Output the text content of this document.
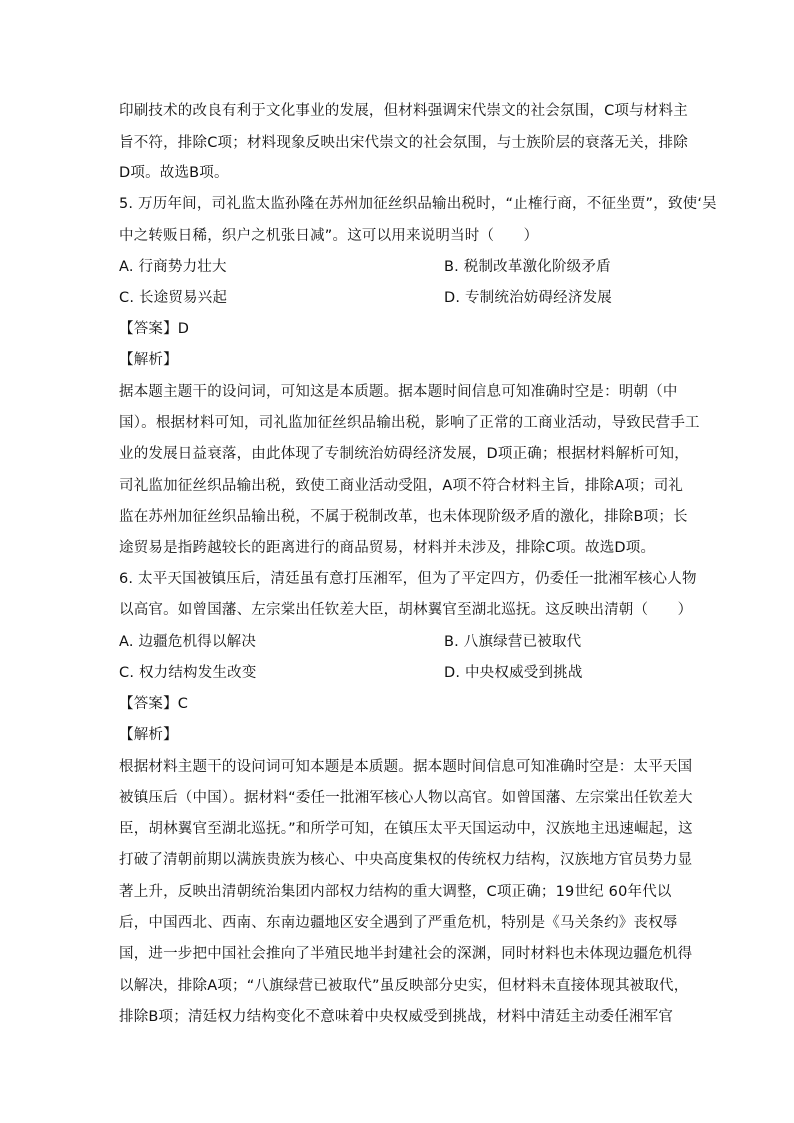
印刷技术的改良有利于文化事业的发展，但材料强调宋代崇文的社会氛围，C项与材料主
旨不符，排除C项；材料现象反映出宋代崇文的社会氛围，与士族阶层的衰落无关，排除
D项。故选B项。
5. 万历年间，司礼监太监孙隆在苏州加征丝织品输出税时，“止榷行商，不征坐贾”，致使‘吴
中之转贩日稀，织户之机张日减”。这可以用来说明当时（　　）
A. 行商势力壮大	B. 税制改革激化阶级矛盾
C. 长途贸易兴起	D. 专制统治妨碍经济发展
【答案】D
【解析】
据本题主题干的设问词，可知这是本质题。据本题时间信息可知准确时空是：明朝（中
国）。根据材料可知，司礼监加征丝织品输出税，影响了正常的工商业活动，导致民营手工
业的发展日益衰落，由此体现了专制统治妨碍经济发展，D项正确；根据材料解析可知，
司礼监加征丝织品输出税，致使工商业活动受阻，A项不符合材料主旨，排除A项；司礼
监在苏州加征丝织品输出税，不属于税制改革，也未体现阶级矛盾的激化，排除B项；长
途贸易是指跨越较长的距离进行的商品贸易，材料并未涉及，排除C项。故选D项。
6. 太平天国被镇压后，清廷虽有意打压湘军，但为了平定四方，仍委任一批湘军核心人物
以高官。如曾国藩、左宗棠出任钦差大臣，胡林翼官至湖北巡抚。这反映出清朝（　　）
A. 边疆危机得以解决	B. 八旗绿营已被取代
C. 权力结构发生改变	D. 中央权威受到挑战
【答案】C
【解析】
根据材料主题干的设问词可知本题是本质题。据本题时间信息可知准确时空是：太平天国
被镇压后（中国）。据材料“委任一批湘军核心人物以高官。如曾国藩、左宗棠出任钦差大
臣，胡林翼官至湖北巡抚。”和所学可知，在镇压太平天国运动中，汉族地主迅速崛起，这
打破了清朝前期以满族贵族为核心、中央高度集权的传统权力结构，汉族地方官员势力显
著上升，反映出清朝统治集团内部权力结构的重大调整，C项正确；19世纪 60年代以
后，中国西北、西南、东南边疆地区安全遇到了严重危机，特别是《马关条约》丧权辱
国，进一步把中国社会推向了半殖民地半封建社会的深渊，同时材料也未体现边疆危机得
以解决，排除A项；“八旗绿营已被取代”虽反映部分史实，但材料未直接体现其被取代，
排除B项；清廷权力结构变化不意味着中央权威受到挑战，材料中清廷主动委任湘军官
